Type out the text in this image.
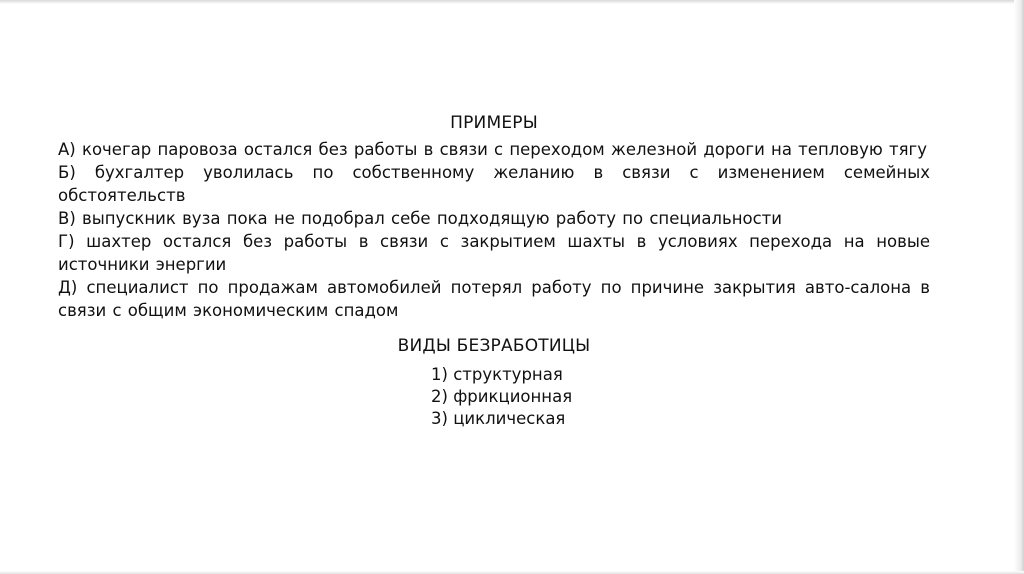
ПРИМЕРЫ

А) кочегар паровоза остался без работы в связи с переходом железной дороги на тепловую тягу

Б) бухгалтер уволилась по собственному желанию в связи с изменением семейных обстоятельств

В) выпускник вуза пока не подобрал себе подходящую работу по специальности

Г) шахтер остался без работы в связи с закрытием шахты в условиях перехода на новые источники энергии

Д) специалист по продажам автомобилей потерял работу по причине закрытия авто-салона в связи с общим экономическим спадом

ВИДЫ БЕЗРАБОТИЦЫ

1) структурная

2) фрикционная

3) циклическая
